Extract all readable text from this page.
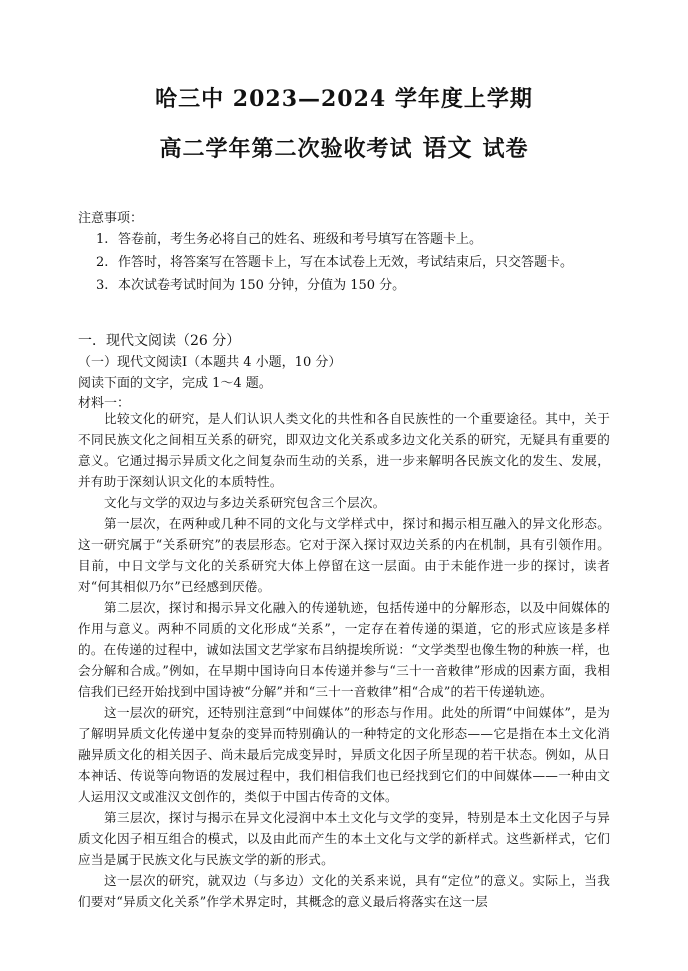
哈三中 2023—2024 学年度上学期
高二学年第二次验收考试 语文 试卷
注意事项：
1. 答卷前，考生务必将自己的姓名、班级和考号填写在答题卡上。
2. 作答时，将答案写在答题卡上，写在本试卷上无效，考试结束后，只交答题卡。
3. 本次试卷考试时间为 150 分钟，分值为 150 分。
一．现代文阅读（26 分）
（一）现代文阅读Ⅰ（本题共 4 小题，10 分）
阅读下面的文字，完成 1～4 题。
材料一：

比较文化的研究，是人们认识人类文化的共性和各自民族性的一个重要途径。其中，关于不同民族文化之间相互关系的研究，即双边文化关系或多边文化关系的研究，无疑具有重要的意义。它通过揭示异质文化之间复杂而生动的关系，进一步来解明各民族文化的发生、发展，并有助于深刻认识文化的本质特性。

文化与文学的双边与多边关系研究包含三个层次。

第一层次，在两种或几种不同的文化与文学样式中，探讨和揭示相互融入的异文化形态。这一研究属于“关系研究”的表层形态。它对于深入探讨双边关系的内在机制，具有引领作用。目前，中日文学与文化的关系研究大体上停留在这一层面。由于未能作进一步的探讨，读者对“何其相似乃尔”已经感到厌倦。

第二层次，探讨和揭示异文化融入的传递轨迹，包括传递中的分解形态，以及中间媒体的作用与意义。两种不同质的文化形成“关系”，一定存在着传递的渠道，它的形式应该是多样的。在传递的过程中，诚如法国文艺学家布吕纳提埃所说：“文学类型也像生物的种族一样，也会分解和合成。”例如，在早期中国诗向日本传递并参与“三十一音敕律”形成的因素方面，我相信我们已经开始找到中国诗被“分解”并和“三十一音敕律”相“合成”的若干传递轨迹。

这一层次的研究，还特别注意到“中间媒体”的形态与作用。此处的所谓“中间媒体”，是为了解明异质文化传递中复杂的变异而特别确认的一种特定的文化形态——它是指在本土文化消融异质文化的相关因子、尚未最后完成变异时，异质文化因子所呈现的若干状态。例如，从日本神话、传说等向物语的发展过程中，我们相信我们也已经找到它们的中间媒体——一种由文人运用汉文或准汉文创作的，类似于中国古传奇的文体。

第三层次，探讨与揭示在异文化浸润中本土文化与文学的变异，特别是本土文化因子与异质文化因子相互组合的模式，以及由此而产生的本土文化与文学的新样式。这些新样式，它们应当是属于民族文化与民族文学的新的形式。

这一层次的研究，就双边（与多边）文化的关系来说，具有“定位”的意义。实际上，当我们要对“异质文化关系”作学术界定时，其概念的意义最后将落实在这一层
